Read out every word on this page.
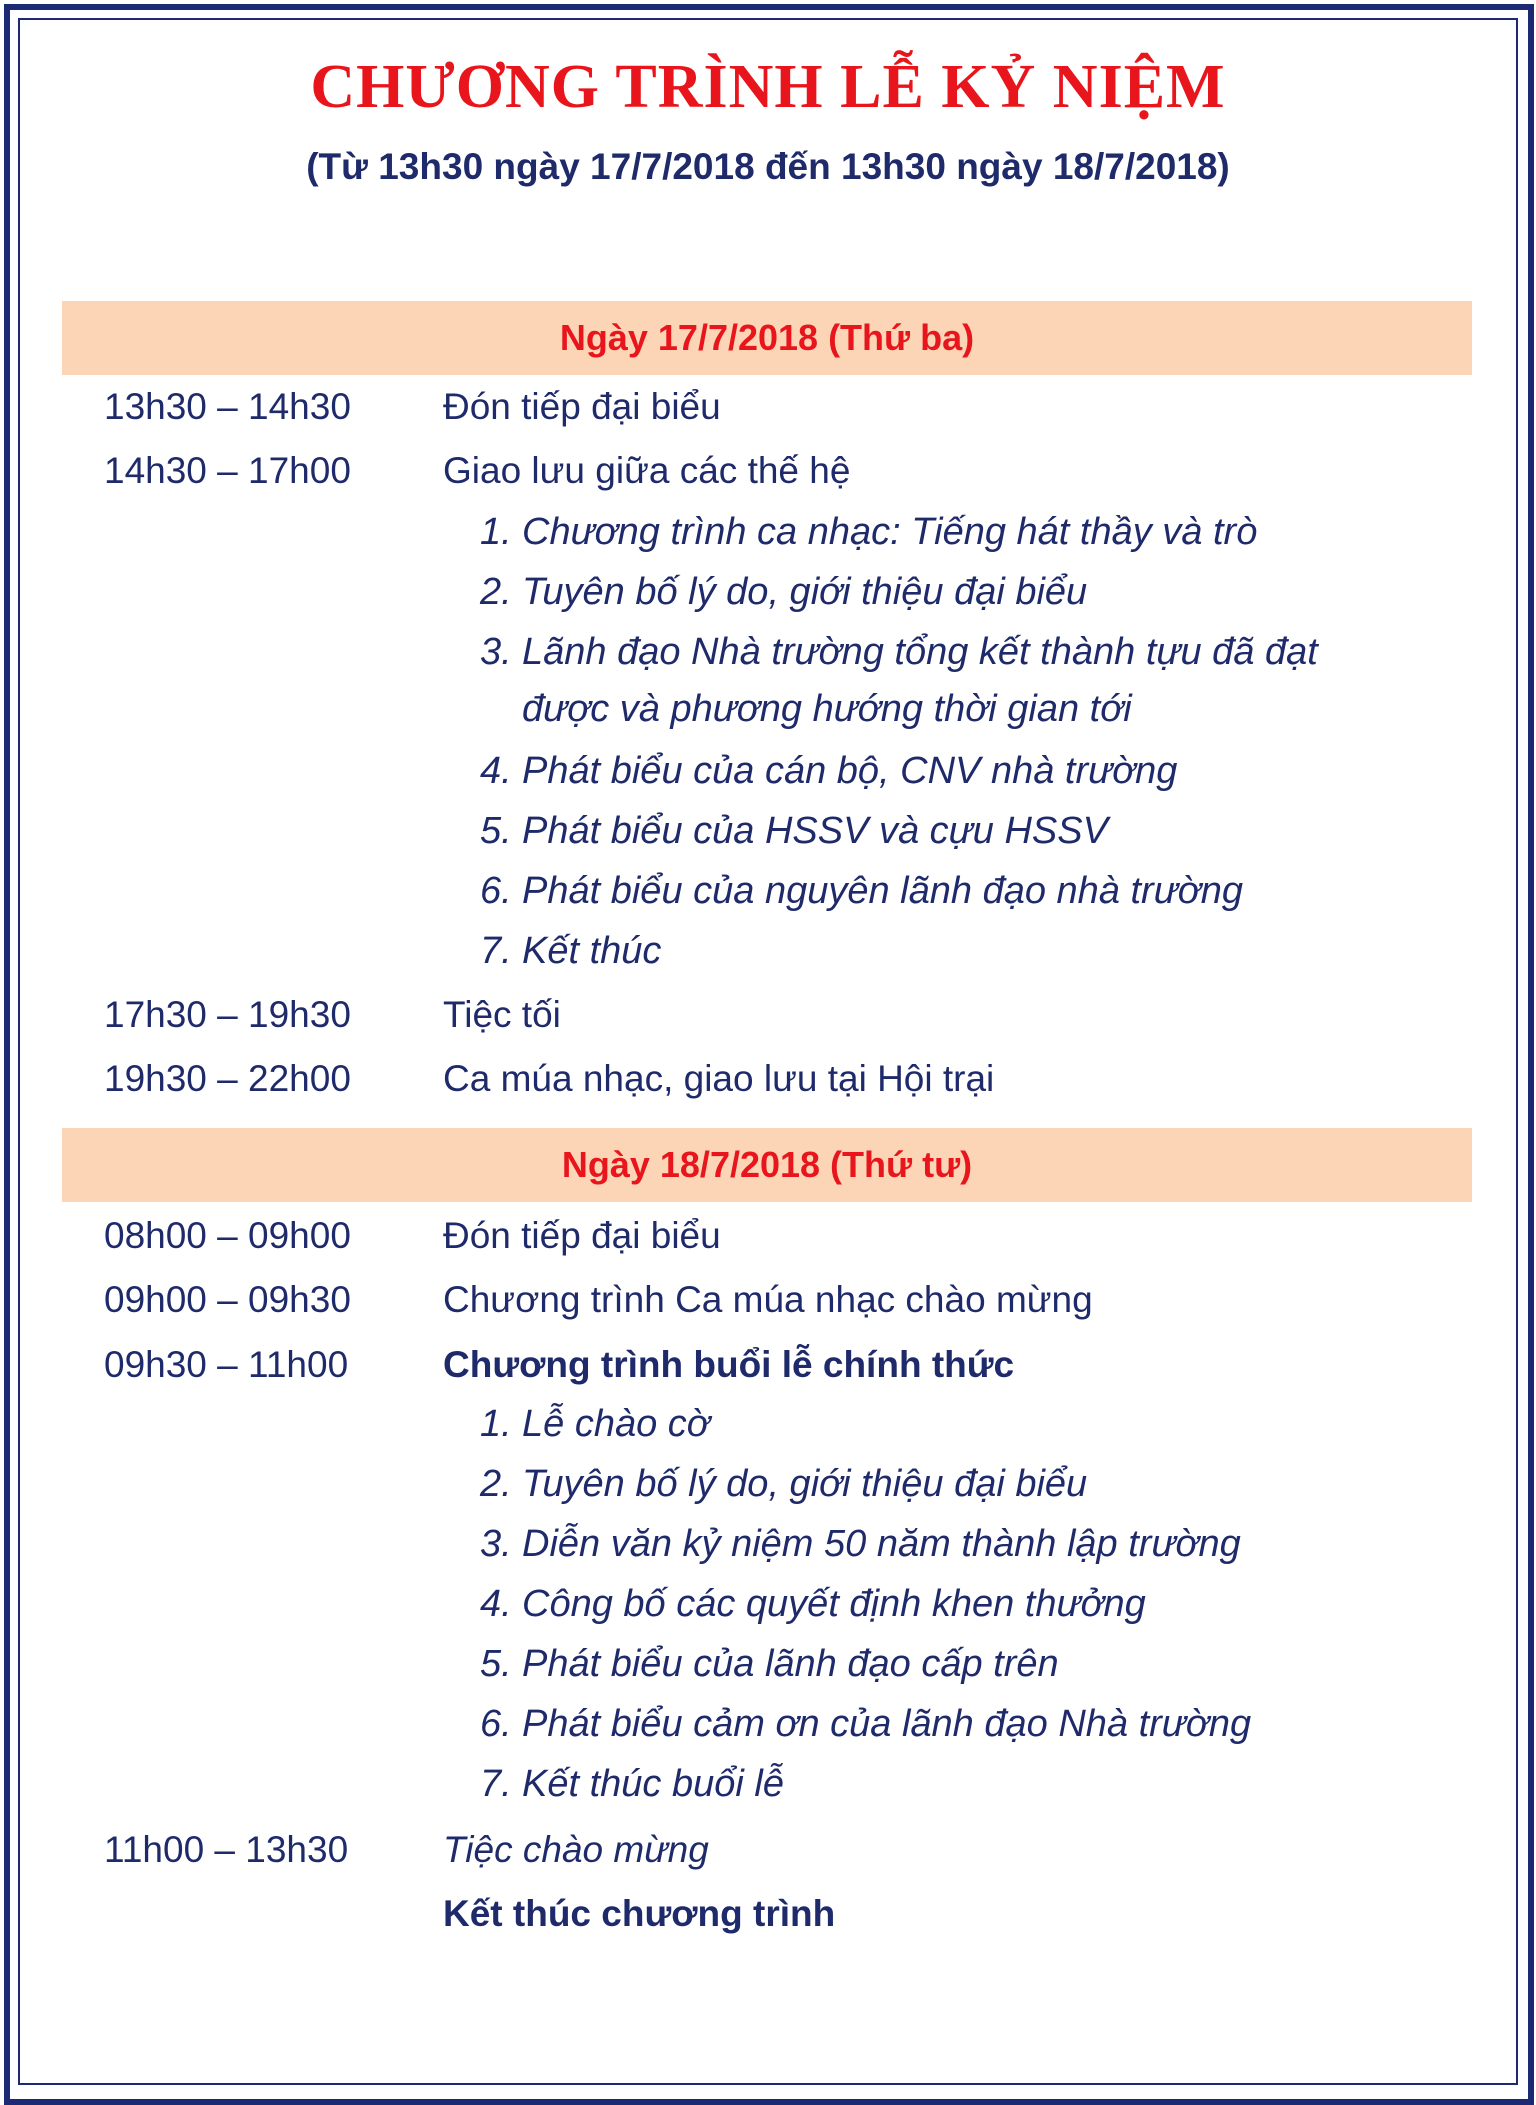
CHƯƠNG TRÌNH LỄ KỶ NIỆM
(Từ 13h30 ngày 17/7/2018 đến 13h30 ngày 18/7/2018)
Ngày 17/7/2018 (Thứ ba)
13h30 – 14h30 Đón tiếp đại biểu
14h30 – 17h00 Giao lưu giữa các thế hệ
1. Chương trình ca nhạc: Tiếng hát thầy và trò
2. Tuyên bố lý do, giới thiệu đại biểu
3. Lãnh đạo Nhà trường tổng kết thành tựu đã đạt
được và phương hướng thời gian tới
4. Phát biểu của cán bộ, CNV nhà trường
5. Phát biểu của HSSV và cựu HSSV
6. Phát biểu của nguyên lãnh đạo nhà trường
7. Kết thúc
17h30 – 19h30 Tiệc tối
19h30 – 22h00 Ca múa nhạc, giao lưu tại Hội trại
Ngày 18/7/2018 (Thứ tư)
08h00 – 09h00 Đón tiếp đại biểu
09h00 – 09h30 Chương trình Ca múa nhạc chào mừng
09h30 – 11h00	Chương trình buổi lễ chính thức
1. Lễ chào cờ
2. Tuyên bố lý do, giới thiệu đại biểu
3. Diễn văn kỷ niệm 50 năm thành lập trường
4. Công bố các quyết định khen thưởng
5. Phát biểu của lãnh đạo cấp trên
6. Phát biểu cảm ơn của lãnh đạo Nhà trường
7. Kết thúc buổi lễ
11h00 – 13h30	Tiệc chào mừng
Kết thúc chương trình
